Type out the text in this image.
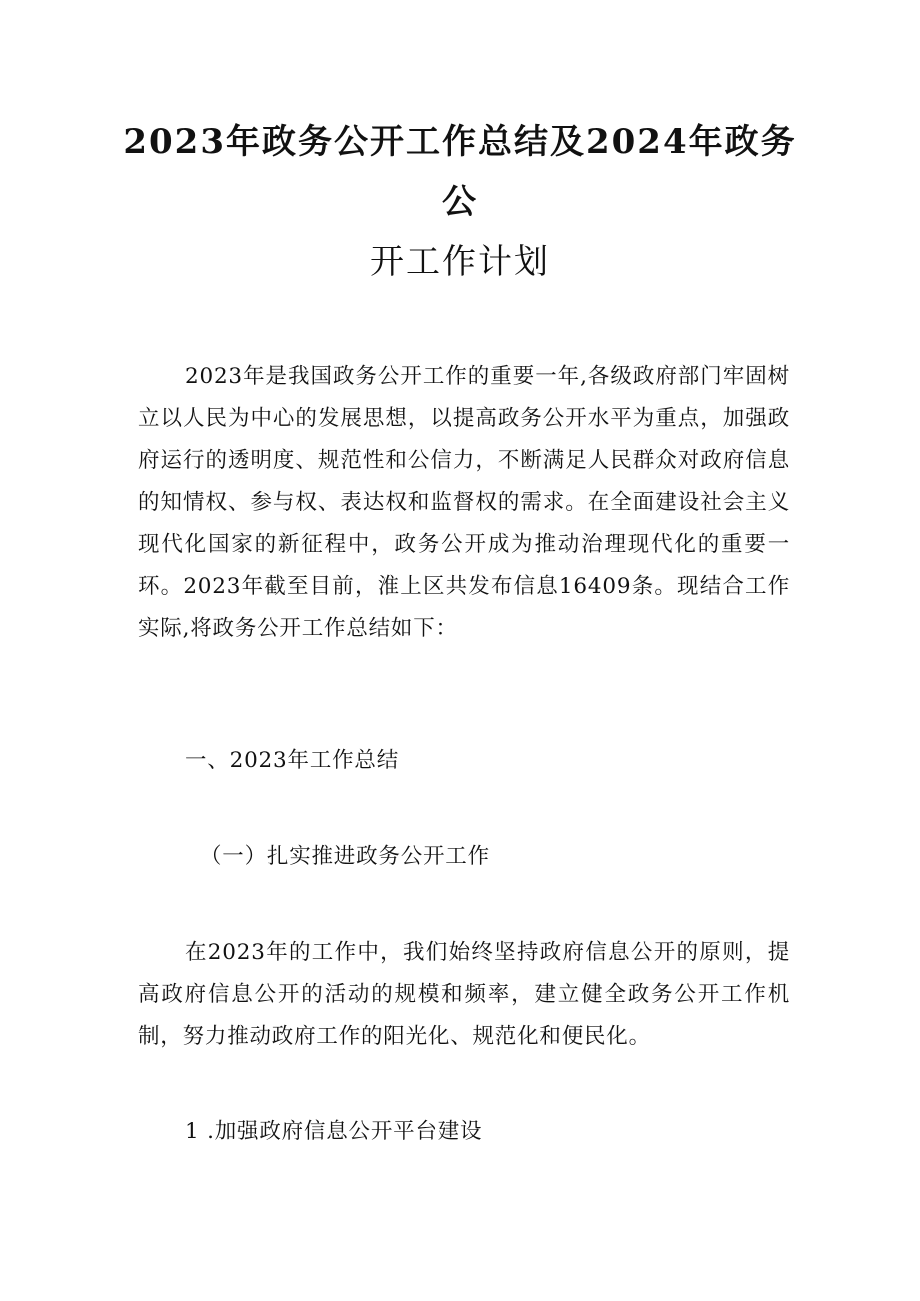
2023年政务公开工作总结及2024年政务公
开工作计划

2023年是我国政务公开工作的重要一年,各级政府部门牢固树立以人民为中心的发展思想，以提高政务公开水平为重点，加强政府运行的透明度、规范性和公信力，不断满足人民群众对政府信息的知情权、参与权、表达权和监督权的需求。在全面建设社会主义现代化国家的新征程中，政务公开成为推动治理现代化的重要一环。2023年截至目前，淮上区共发布信息16409条。现结合工作实际,将政务公开工作总结如下：

一、2023年工作总结

（一）扎实推进政务公开工作

在2023年的工作中，我们始终坚持政府信息公开的原则，提高政府信息公开的活动的规模和频率，建立健全政务公开工作机制，努力推动政府工作的阳光化、规范化和便民化。

1 .加强政府信息公开平台建设
